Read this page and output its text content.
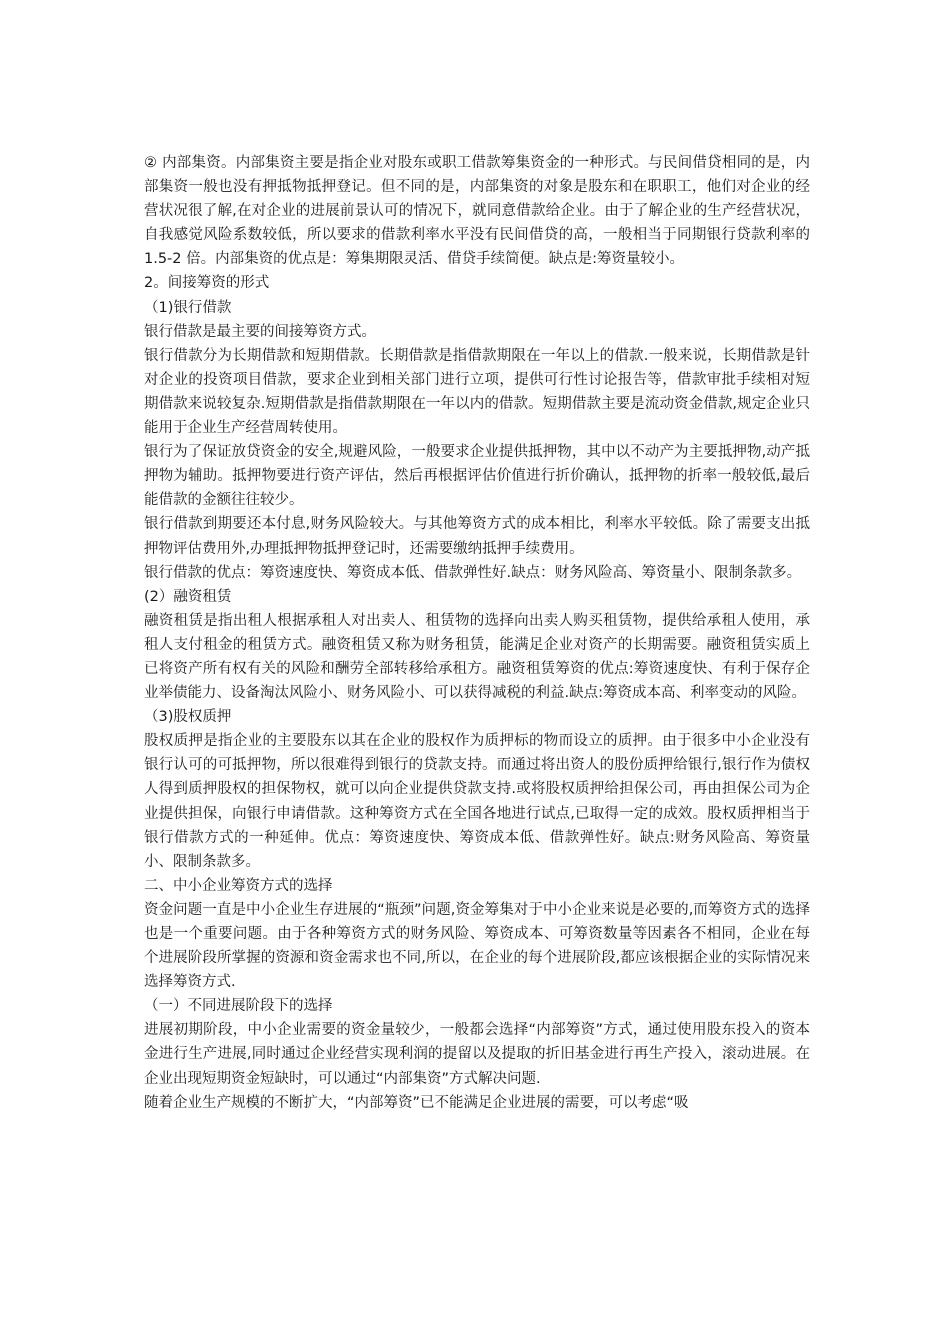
② 内部集资。内部集资主要是指企业对股东或职工借款筹集资金的一种形式。与民间借贷相同的是，内部集资一般也没有押抵物抵押登记。但不同的是，内部集资的对象是股东和在职职工，他们对企业的经营状况很了解,在对企业的进展前景认可的情况下，就同意借款给企业。由于了解企业的生产经营状况，自我感觉风险系数较低，所以要求的借款利率水平没有民间借贷的高，一般相当于同期银行贷款利率的 1.5-2 倍。内部集资的优点是：筹集期限灵活、借贷手续简便。缺点是:筹资量较小。

2。间接筹资的形式

（1)银行借款

银行借款是最主要的间接筹资方式。

银行借款分为长期借款和短期借款。长期借款是指借款期限在一年以上的借款.一般来说，长期借款是针对企业的投资项目借款，要求企业到相关部门进行立项，提供可行性讨论报告等，借款审批手续相对短期借款来说较复杂.短期借款是指借款期限在一年以内的借款。短期借款主要是流动资金借款,规定企业只能用于企业生产经营周转使用。

银行为了保证放贷资金的安全,规避风险，一般要求企业提供抵押物，其中以不动产为主要抵押物,动产抵押物为辅助。抵押物要进行资产评估，然后再根据评估价值进行折价确认，抵押物的折率一般较低,最后能借款的金额往往较少。

银行借款到期要还本付息,财务风险较大。与其他筹资方式的成本相比，利率水平较低。除了需要支出抵押物评估费用外,办理抵押物抵押登记时，还需要缴纳抵押手续费用。

银行借款的优点：筹资速度快、筹资成本低、借款弹性好.缺点：财务风险高、筹资量小、限制条款多。

(2）融资租赁

融资租赁是指出租人根据承租人对出卖人、租赁物的选择向出卖人购买租赁物，提供给承租人使用，承租人支付租金的租赁方式。融资租赁又称为财务租赁，能满足企业对资产的长期需要。融资租赁实质上已将资产所有权有关的风险和酬劳全部转移给承租方。融资租赁筹资的优点:筹资速度快、有利于保存企业举债能力、设备淘汰风险小、财务风险小、可以获得减税的利益.缺点:筹资成本高、利率变动的风险。

（3)股权质押

股权质押是指企业的主要股东以其在企业的股权作为质押标的物而设立的质押。由于很多中小企业没有银行认可的可抵押物，所以很难得到银行的贷款支持。而通过将出资人的股份质押给银行,银行作为债权人得到质押股权的担保物权，就可以向企业提供贷款支持.或将股权质押给担保公司，再由担保公司为企业提供担保，向银行申请借款。这种筹资方式在全国各地进行试点,已取得一定的成效。股权质押相当于银行借款方式的一种延伸。优点：筹资速度快、筹资成本低、借款弹性好。缺点:财务风险高、筹资量小、限制条款多。

二、中小企业筹资方式的选择

资金问题一直是中小企业生存进展的“瓶颈”问题,资金筹集对于中小企业来说是必要的,而筹资方式的选择也是一个重要问题。由于各种筹资方式的财务风险、筹资成本、可筹资数量等因素各不相同，企业在每个进展阶段所掌握的资源和资金需求也不同,所以，在企业的每个进展阶段,都应该根据企业的实际情况来选择筹资方式.

（一）不同进展阶段下的选择

进展初期阶段，中小企业需要的资金量较少，一般都会选择“内部筹资”方式，通过使用股东投入的资本金进行生产进展,同时通过企业经营实现利润的提留以及提取的折旧基金进行再生产投入，滚动进展。在企业出现短期资金短缺时，可以通过“内部集资”方式解决问题.

随着企业生产规模的不断扩大，“内部筹资”已不能满足企业进展的需要，可以考虑“吸
